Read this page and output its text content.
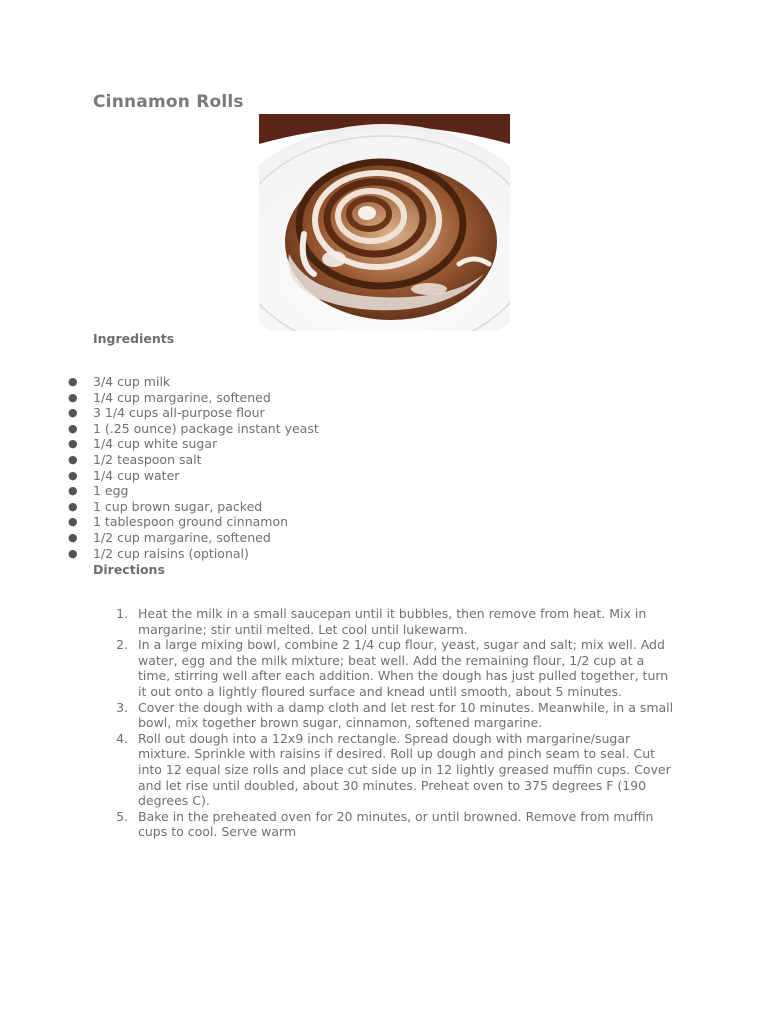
Cinnamon Rolls
Ingredients
● 3/4 cup milk
● 1/4 cup margarine, softened
● 3 1/4 cups all-purpose flour
● 1 (.25 ounce) package instant yeast
● 1/4 cup white sugar
● 1/2 teaspoon salt
● 1/4 cup water
● 1 egg
● 1 cup brown sugar, packed
● 1 tablespoon ground cinnamon
● 1/2 cup margarine, softened
● 1/2 cup raisins (optional)
Directions
1. Heat the milk in a small saucepan until it bubbles, then remove from heat. Mix in margarine; stir until melted. Let cool until lukewarm.
2. In a large mixing bowl, combine 2 1/4 cup flour, yeast, sugar and salt; mix well. Add water, egg and the milk mixture; beat well. Add the remaining flour, 1/2 cup at a time, stirring well after each addition. When the dough has just pulled together, turn it out onto a lightly floured surface and knead until smooth, about 5 minutes.
3. Cover the dough with a damp cloth and let rest for 10 minutes. Meanwhile, in a small bowl, mix together brown sugar, cinnamon, softened margarine.
4. Roll out dough into a 12x9 inch rectangle. Spread dough with margarine/sugar mixture. Sprinkle with raisins if desired. Roll up dough and pinch seam to seal. Cut into 12 equal size rolls and place cut side up in 12 lightly greased muffin cups. Cover and let rise until doubled, about 30 minutes. Preheat oven to 375 degrees F (190 degrees C).
5. Bake in the preheated oven for 20 minutes, or until browned. Remove from muffin cups to cool. Serve warm
